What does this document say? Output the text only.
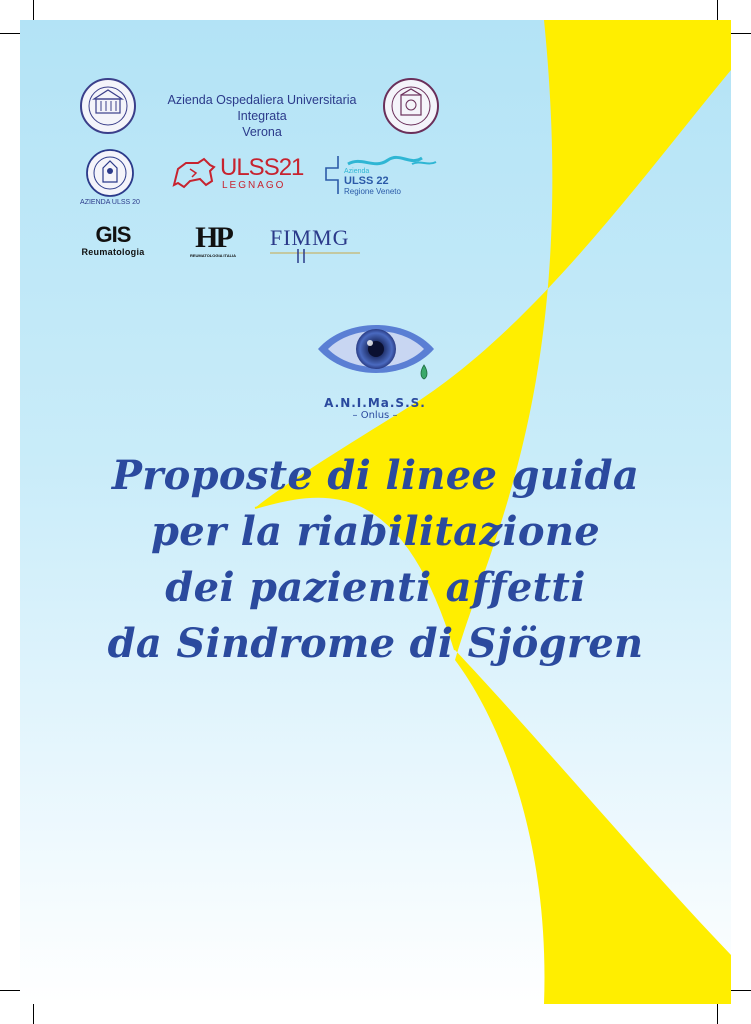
Azienda Ospedaliera Universitaria Integrata
Verona
AZIENDA ULSS 20
ULSS21
LEGNAGO
Azienda
ULSS 22
Regione Veneto
GIS
Reumatologia HP
REUMATOLOGIA ITALIA
FIMMG
A.N.I.Ma.S.S.
– Onlus –
Proposte di linee guida
per la riabilitazione
dei pazienti affetti
da Sindrome di Sjögren
